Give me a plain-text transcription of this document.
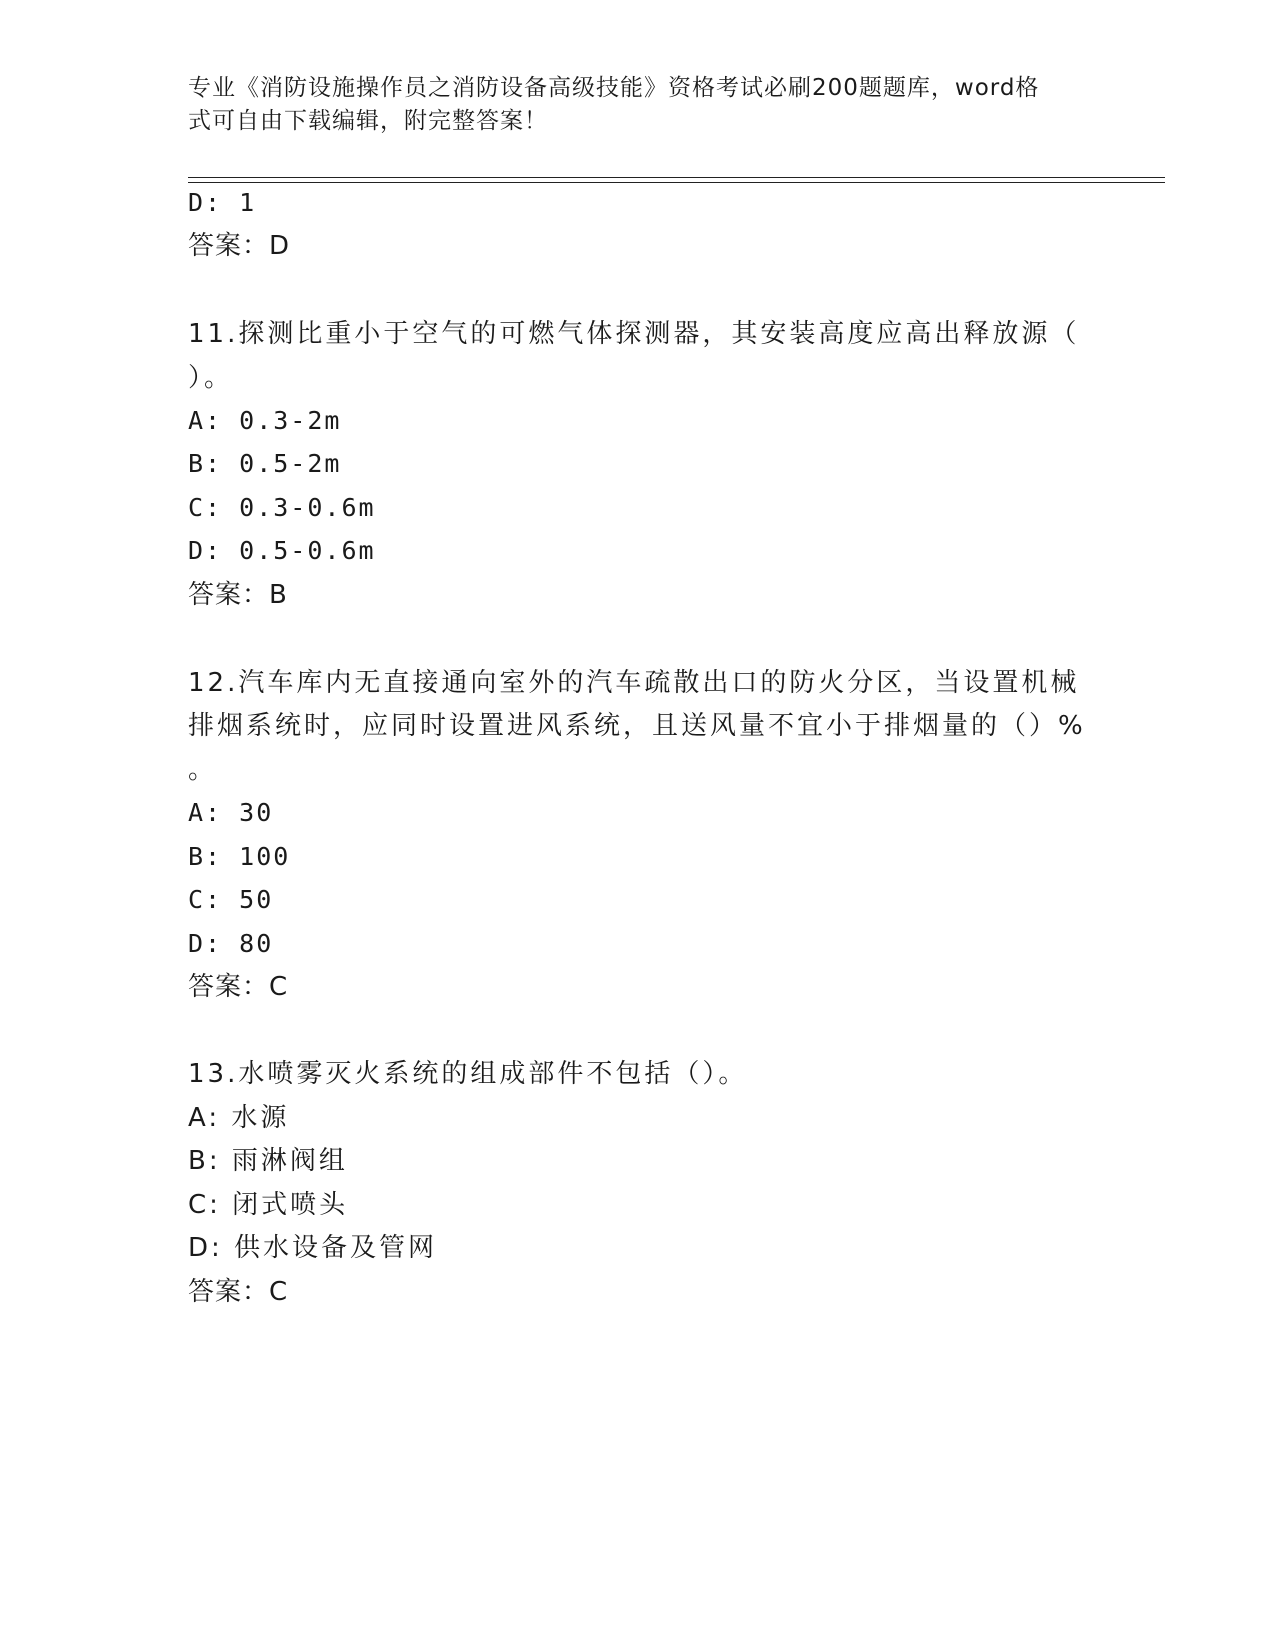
专业《消防设施操作员之消防设备高级技能》资格考试必刷200题题库，word格
式可自由下载编辑，附完整答案！
D: 1
答案：D
11.探测比重小于空气的可燃气体探测器，其安装高度应高出释放源（
）。
A: 0.3-2m
B: 0.5-2m
C: 0.3-0.6m
D: 0.5-0.6m
答案：B
12.汽车库内无直接通向室外的汽车疏散出口的防火分区，当设置机械
排烟系统时，应同时设置进风系统，且送风量不宜小于排烟量的（）%
。
A: 30
B: 100
C: 50
D: 80
答案：C
13.水喷雾灭火系统的组成部件不包括（）。
A: 水源
B: 雨淋阀组
C: 闭式喷头
D: 供水设备及管网
答案：C
